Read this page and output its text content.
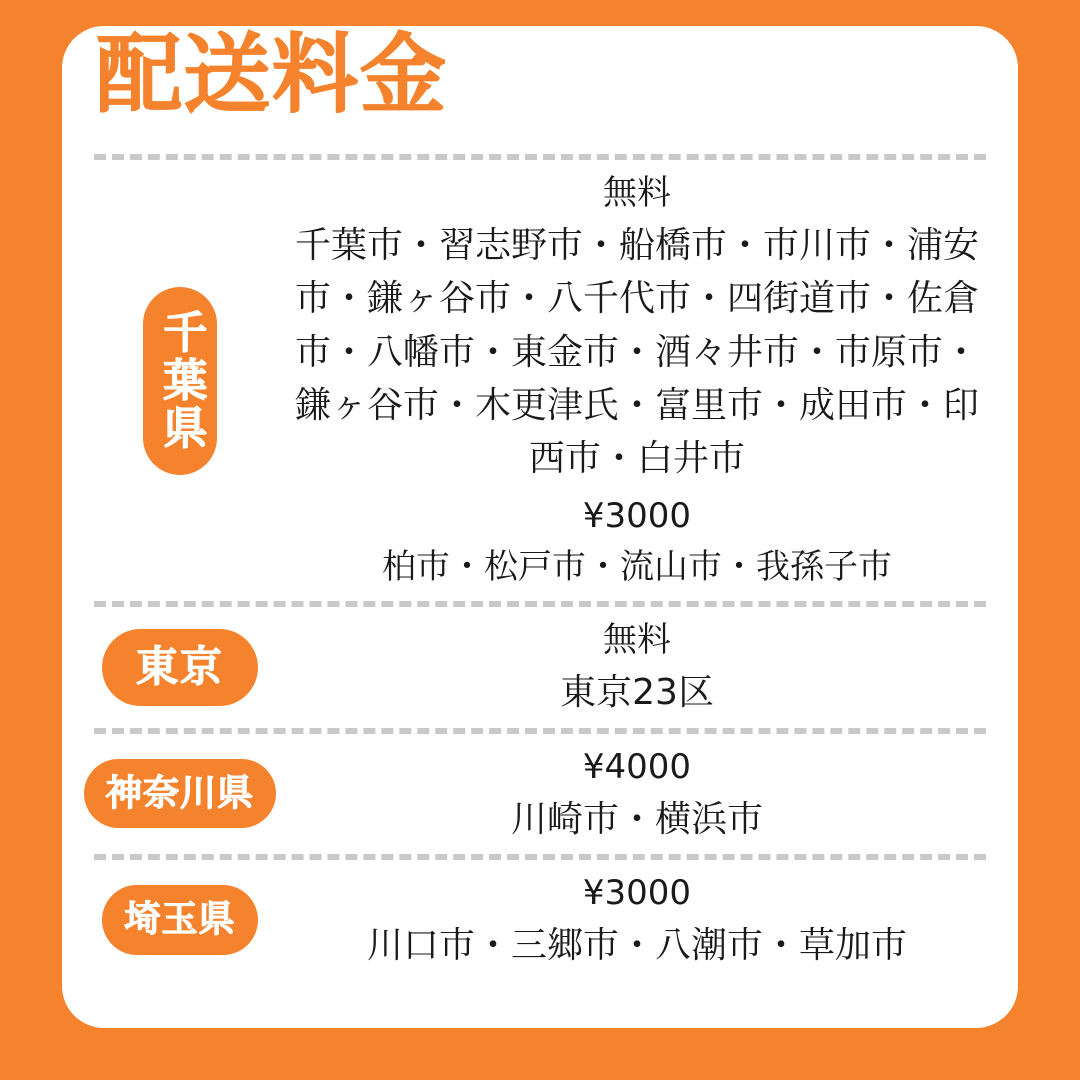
配送料金
千葉県
無料
千葉市・習志野市・船橋市・市川市・浦安市・鎌ヶ谷市・八千代市・四街道市・佐倉市・八幡市・東金市・酒々井市・市原市・鎌ヶ谷市・木更津氏・富里市・成田市・印西市・白井市
¥3000
柏市・松戸市・流山市・我孫子市
東京
無料
東京23区
神奈川県
¥4000
川崎市・横浜市
埼玉県
¥3000
川口市・三郷市・八潮市・草加市
